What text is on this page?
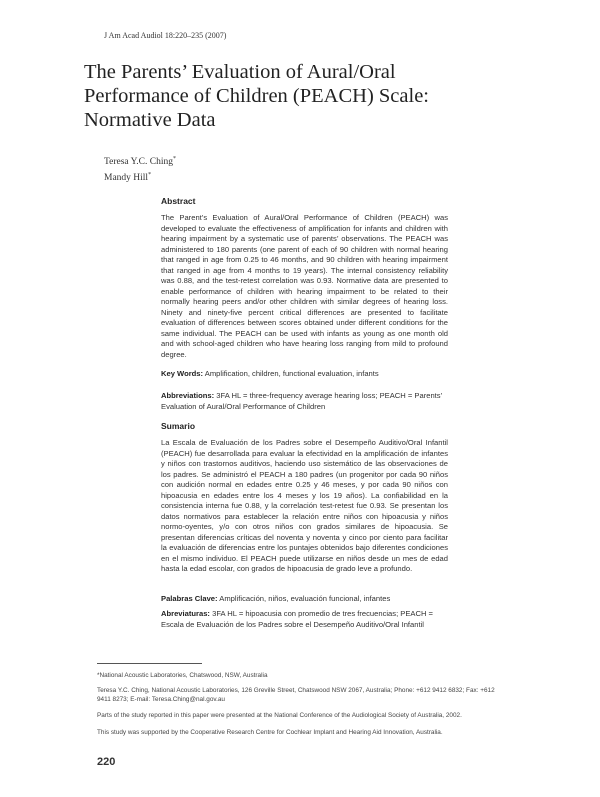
J Am Acad Audiol 18:220–235 (2007)
The Parents’ Evaluation of Aural/Oral Performance of Children (PEACH) Scale: Normative Data
Teresa Y.C. Ching*
Mandy Hill*
Abstract

The Parent’s Evaluation of Aural/Oral Performance of Children (PEACH) was developed to evaluate the effectiveness of amplification for infants and children with hearing impairment by a systematic use of parents’ observations. The PEACH was administered to 180 parents (one parent of each of 90 children with normal hearing that ranged in age from 0.25 to 46 months, and 90 children with hearing impairment that ranged in age from 4 months to 19 years). The internal consistency reliability was 0.88, and the test-retest correlation was 0.93. Normative data are presented to enable performance of children with hearing impairment to be related to their normally hearing peers and/or other children with similar degrees of hearing loss. Ninety and ninety-five percent critical differences are presented to facilitate evaluation of differences between scores obtained under different conditions for the same individual. The PEACH can be used with infants as young as one month old and with school-aged children who have hearing loss ranging from mild to profound degree.

Key Words: Amplification, children, functional evaluation, infants

Abbreviations: 3FA HL = three-frequency average hearing loss; PEACH = Parents’ Evaluation of Aural/Oral Performance of Children

Sumario

La Escala de Evaluación de los Padres sobre el Desempeño Auditivo/Oral Infantil (PEACH) fue desarrollada para evaluar la efectividad en la amplificación de infantes y niños con trastornos auditivos, haciendo uso sistemático de las observaciones de los padres. Se administró el PEACH a 180 padres (un progenitor por cada 90 niños con audición normal en edades entre 0.25 y 46 meses, y por cada 90 niños con hipoacusia en edades entre los 4 meses y los 19 años). La confiabilidad en la consistencia interna fue 0.88, y la correlación test-retest fue 0.93. Se presentan los datos normativos para establecer la relación entre niños con hipoacusia y niños normo-oyentes, y/o con otros niños con grados similares de hipoacusia. Se presentan diferencias críticas del noventa y noventa y cinco por ciento para facilitar la evaluación de diferencias entre los puntajes obtenidos bajo diferentes condiciones en el mismo individuo. El PEACH puede utilizarse en niños desde un mes de edad hasta la edad escolar, con grados de hipoacusia de grado leve a profundo.

Palabras Clave: Amplificación, niños, evaluación funcional, infantes

Abreviaturas: 3FA HL = hipoacusia con promedio de tres frecuencias; PEACH = Escala de Evaluación de los Padres sobre el Desempeño Auditivo/Oral Infantil

*National Acoustic Laboratories, Chatswood, NSW, Australia

Teresa Y.C. Ching, National Acoustic Laboratories, 126 Greville Street, Chatswood NSW 2067, Australia; Phone: +612 9412 6832; Fax: +612 9411 8273; E-mail: Teresa.Ching@nal.gov.au

Parts of the study reported in this paper were presented at the National Conference of the Audiological Society of Australia, 2002.

This study was supported by the Cooperative Research Centre for Cochlear Implant and Hearing Aid Innovation, Australia.

220
